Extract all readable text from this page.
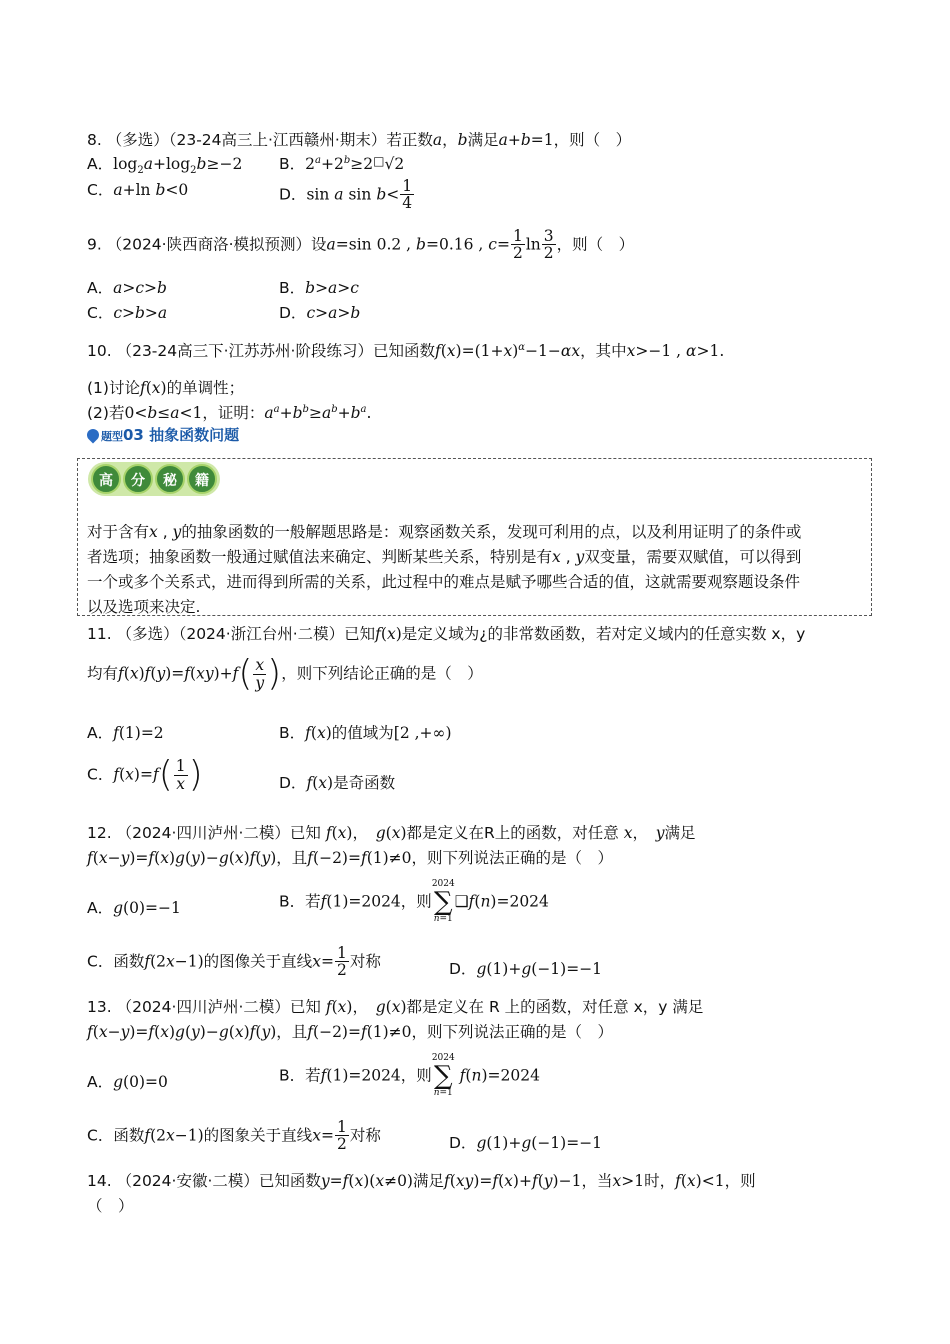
8. （多选）（23-24高三上·江西赣州·期末）若正数a，b满足a+b=1，则（　）
A．$\log_2a+\log_2b\ge-2$ B．$2^a+2^b\ge 2^□√2$
C．a+ln b<0	D．sin a $\sin b< \frac{1}{4}$
9. （2024·陕西商洛·模拟预测）设a=sin 0.2 , b=0.16 , $c= \frac{1}{2}$ $\ln \frac{3}{2}$ ，则（　）
A．a>c>b	B．b>a>c
C．c>b>a	D．c>a>b
10. （23-24高三下·江苏苏州·阶段练习）已知函数$f(x)=(1+x)^\alpha-1-\alpha x$，其中x>−1 , α>1.
(1)讨论f(x)的单调性；
(2)若0<b≤a<1，证明：$a^a+b^b\ge a^b+b^a$.
题型03 抽象函数问题
高	分	秘	籍
对于含有x , y的抽象函数的一般解题思路是：观察函数关系，发现可利用的点，以及利用证明了的条件或
者选项；抽象函数一般通过赋值法来确定、判断某些关系，特别是有x , y双变量，需要双赋值，可以得到
一个或多个关系式，进而得到所需的关系，此过程中的难点是赋予哪些合适的值，这就需要观察题设条件
以及选项来决定.
11. （多选）（2024·浙江台州·二模）已知f(x)是定义域为¿的非常数函数，若对定义域内的任意实数 x，y
均有$f(x)f(y)=f(xy)+f( \frac{x}{y}$ )，则下列结论正确的是（　）
A．f(1)=2	B．f(x)的值域为[2 ,+∞)
C．$f(x)=f( \frac{1}{x}$ )	D．f(x)是奇函数
12. （2024·四川泸州·二模）已知 f(x)，　g(x)都是定义在R上的函数，对任意 x，　y满足
f(x−y)=f(x)g(y)−g(x)f(y)，且f(−2)=f(1)≠0，则下列说法正确的是（　）
A．g(0)=−1	B．若f(1)=2024，则
2024
∑
n=1
❑f(n)=2024
C．函数f(2x−1)的图像关于直线$x= \frac{1}{2}$ 对称	D．g(1)+g(−1)=−1
13. （2024·四川泸州·二模）已知 f(x)，　g(x)都是定义在 R 上的函数，对任意 x，y 满足
f(x−y)=f(x)g(y)−g(x)f(y)，且f(−2)=f(1)≠0，则下列说法正确的是（　）
A．g(0)=0	B．若f(1)=2024，则
2024
∑
n=1
f(n)=2024
C．函数f(2x−1)的图象关于直线$x= \frac{1}{2}$ 对称	D．g(1)+g(−1)=−1
14. （2024·安徽·二模）已知函数y=f(x)(x≠0)满足f(xy)=f(x)+f(y)−1，当x>1时，f(x)<1，则
（　）
